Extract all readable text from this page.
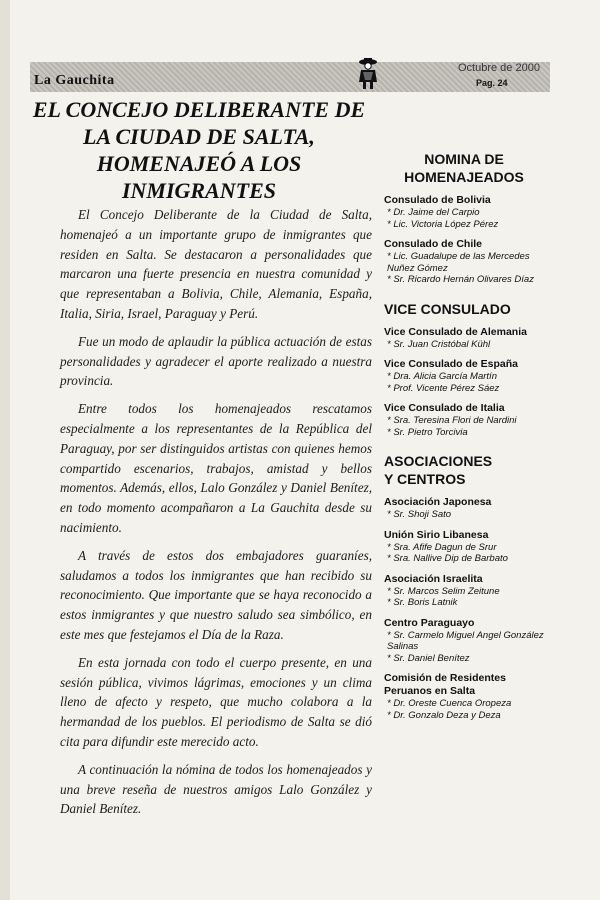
La Gauchita
Octubre de 2000
Pag. 24
EL CONCEJO DELIBERANTE DE
LA CIUDAD DE SALTA,
HOMENAJEÓ A LOS
INMIGRANTES

El Concejo Deliberante de la Ciudad de Salta, homenajeó a un importante grupo de inmigrantes que residen en Salta. Se destacaron a personalidades que marcaron una fuerte presencia en nuestra comunidad y que representaban a Bolivia, Chile, Alemania, España, Italia, Siria, Israel, Paraguay y Perú.

Fue un modo de aplaudir la pública actuación de estas personalidades y agradecer el aporte realizado a nuestra provincia.

Entre todos los homenajeados rescatamos especialmente a los representantes de la República del Paraguay, por ser distinguidos artistas con quienes hemos compartido escenarios, trabajos, amistad y bellos momentos. Además, ellos, Lalo González y Daniel Benítez, en todo momento acompañaron a La Gauchita desde su nacimiento.

A través de estos dos embajadores guaraníes, saludamos a todos los inmigrantes que han recibido su reconocimiento. Que importante que se haya reconocido a estos inmigrantes y que nuestro saludo sea simbólico, en este mes que festejamos el Día de la Raza.

En esta jornada con todo el cuerpo presente, en una sesión pública, vivimos lágrimas, emociones y un clima lleno de afecto y respeto, que mucho colabora a la hermandad de los pueblos. El periodismo de Salta se dió cita para difundir este merecido acto.

A continuación la nómina de todos los homenajeados y una breve reseña de nuestros amigos Lalo González y Daniel Benítez.

NOMINA DE
HOMENAJEADOS
Consulado de Bolivia
* Dr. Jaime del Carpio
* Lic. Victoria López Pérez
Consulado de Chile
* Lic. Guadalupe de las Mercedes Nuñez Gómez
* Sr. Ricardo Hernán Olivares Díaz
VICE CONSULADO
Vice Consulado de Alemania
* Sr. Juan Cristóbal Kühl
Vice Consulado de España
* Dra. Alicia García Martín
* Prof. Vicente Pérez Sáez
Vice Consulado de Italia
* Sra. Teresina Flori de Nardini
* Sr. Pietro Torcivia
ASOCIACIONES
Y CENTROS
Asociación Japonesa
* Sr. Shoji Sato
Unión Sirio Libanesa
* Sra. Afife Dagun de Srur
* Sra. Nallive Dip de Barbato
Asociación Israelita
* Sr. Marcos Selim Zeitune
* Sr. Boris Latnik
Centro Paraguayo
* Sr. Carmelo Miguel Angel González Salinas
* Sr. Daniel Benítez
Comisión de Residentes Peruanos en Salta
* Dr. Oreste Cuenca Oropeza
* Dr. Gonzalo Deza y Deza
